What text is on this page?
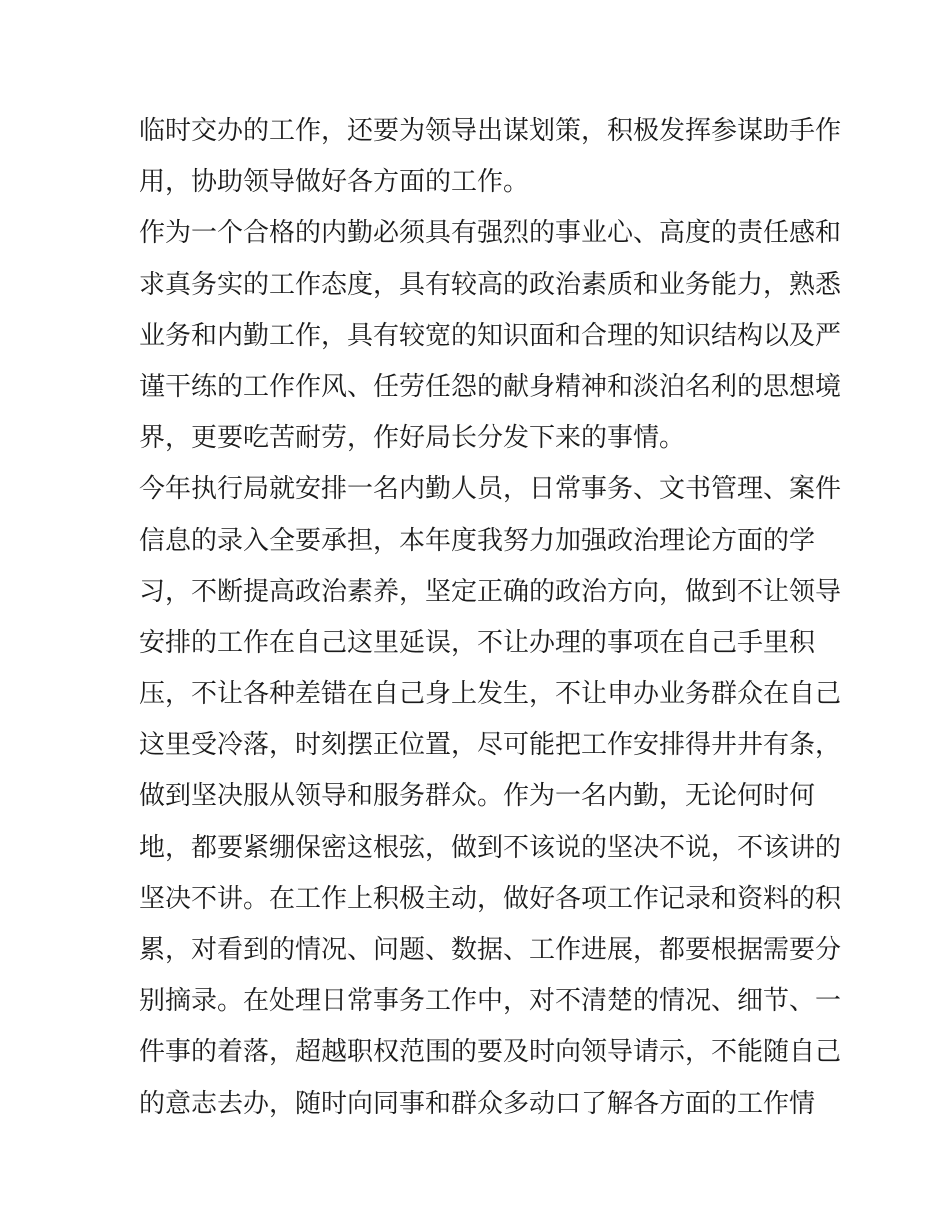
临时交办的工作，还要为领导出谋划策，积极发挥参谋助手作
用，协助领导做好各方面的工作。
作为一个合格的内勤必须具有强烈的事业心、高度的责任感和
求真务实的工作态度，具有较高的政治素质和业务能力，熟悉
业务和内勤工作，具有较宽的知识面和合理的知识结构以及严
谨干练的工作作风、任劳任怨的献身精神和淡泊名利的思想境
界，更要吃苦耐劳，作好局长分发下来的事情。
今年执行局就安排一名内勤人员，日常事务、文书管理、案件
信息的录入全要承担，本年度我努力加强政治理论方面的学
习，不断提高政治素养，坚定正确的政治方向，做到不让领导
安排的工作在自己这里延误，不让办理的事项在自己手里积
压，不让各种差错在自己身上发生，不让申办业务群众在自己
这里受冷落，时刻摆正位置，尽可能把工作安排得井井有条，
做到坚决服从领导和服务群众。作为一名内勤，无论何时何
地，都要紧绷保密这根弦，做到不该说的坚决不说，不该讲的
坚决不讲。在工作上积极主动，做好各项工作记录和资料的积
累，对看到的情况、问题、数据、工作进展，都要根据需要分
别摘录。在处理日常事务工作中，对不清楚的情况、细节、一
件事的着落，超越职权范围的要及时向领导请示，不能随自己
的意志去办，随时向同事和群众多动口了解各方面的工作情
